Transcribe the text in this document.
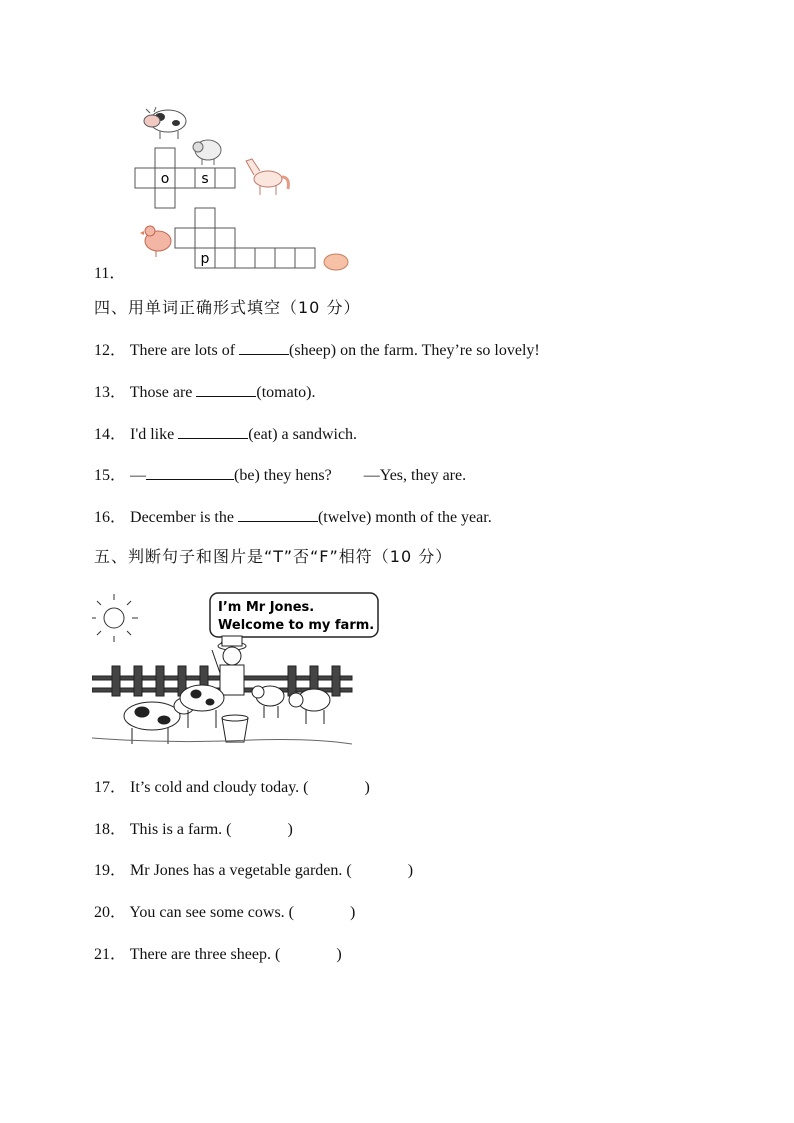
o s
p
11．
四、用单词正确形式填空（10 分）
12． There are lots of	(sheep) on the farm. They’re so lovely!
13． Those are	(tomato).
14． I'd like	(eat) a sandwich.
15． —	(be) they hens?　　—Yes, they are.
16． December is the	(twelve) month of the year.
五、判断句子和图片是“T”否“F”相符（10 分）
I’m Mr Jones.
Welcome to my farm.
17． It’s cold and cloudy today. (	)
18． This is a farm. (	)
19． Mr Jones has a vegetable garden. (	)
20． You can see some cows. (	)
21． There are three sheep. (	)
